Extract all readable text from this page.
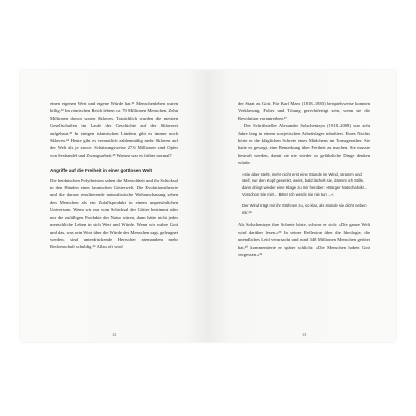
einen eigenen Wert und eigene Würde hat.²¹ Menschenleben waren billig.²² Im römischen Reich lebten ca. 70 Millionen Menschen. Zehn Millionen davon waren Sklaven. Tatsächlich wurden die meisten Gesellschaften im Laufe der Geschichte auf der Sklaverei aufgebaut.²³ In einigen islamischen Ländern gibt es immer noch Sklaven.²⁴ Heute gibt es vermutlich zahlenmäßig mehr Sklaven auf der Welt als je zuvor: Schätzungsweise 27.6 Millionen sind Opfer von Sexhandel und Zwangsarbeit.²⁵ Warum war es früher normal?

Angriffe auf die Freiheit in einer gottlosen Welt

Die heidnischen Polytheisten sahen die Menschheit und ihr Schicksal in den Händen einer launischen Götterwelt. Die Evolutionstheorie und die daraus resultierende naturalistische Weltanschauung sehen den Menschen als ein Zufallsprodukt in einem unpersönlichen Universum. Wenn wir nur vom Schicksal der Götter bestimmt oder nur die zufälligen Produkte der Natur wären, dann hätte nicht jedes menschliche Leben in sich Wert und Würde. Wenn wir wahre Gott und das, was sein Wort über die Würde des Menschen sagt, geleugnet werden, sind unterdrückende Herrscher niemandem mehr Rechenschaft schuldig.²⁶ Allzu oft wird

12

der Staat zu Gott. Für Karl Marx (1818–1883) beispielsweise konnten Verklavung, Folter und Tötung gerechtfertigt sein, wenn sie die Revolution vorantreiben.²⁷

Der Schriftsteller Alexander Solschenizyn (1918–2008) war acht Jahre lang in einem sowjetischen Arbeitslager inhaftiert. Eines Nachts hörte er die kläglichen Schreie eines Mädchens im Tornagerather. Sie hatte es gewagt, eine Bemerkung über Freiheit zu machen. Sie musste bestraft werden, damit sie nie wieder so gefährliche Dinge denken würde.

»Sie aber steht, mehr nicht erst eine Stunde im Wind, stramm und steif, nur den Kopf gesenkt, weint, bald lächelt sie, dämmt ich Stille, dann dringt wieder eine Klage zu mir herüber: »Bürger Natschalnik!... Vorschon Sie mir!... Bitte! Ich werds nie nie tun ...«

Der Wind trägt mir ihr Stöhnen zu, so klar, als stünde sie dicht neben mir.²⁸

Als Solschenizyn ihre Schreie hörte, schwor er sich: »Die ganze Welt wird darüber lesen.«²⁹ In seiner Reflexion über die Ideologie, die unendliches Leid verursacht und rund 348 Millionen Menschen getötet hat,³⁰ kommentierte er später schlicht: »Die Menschen haben Gott vergessen.«³¹

13
